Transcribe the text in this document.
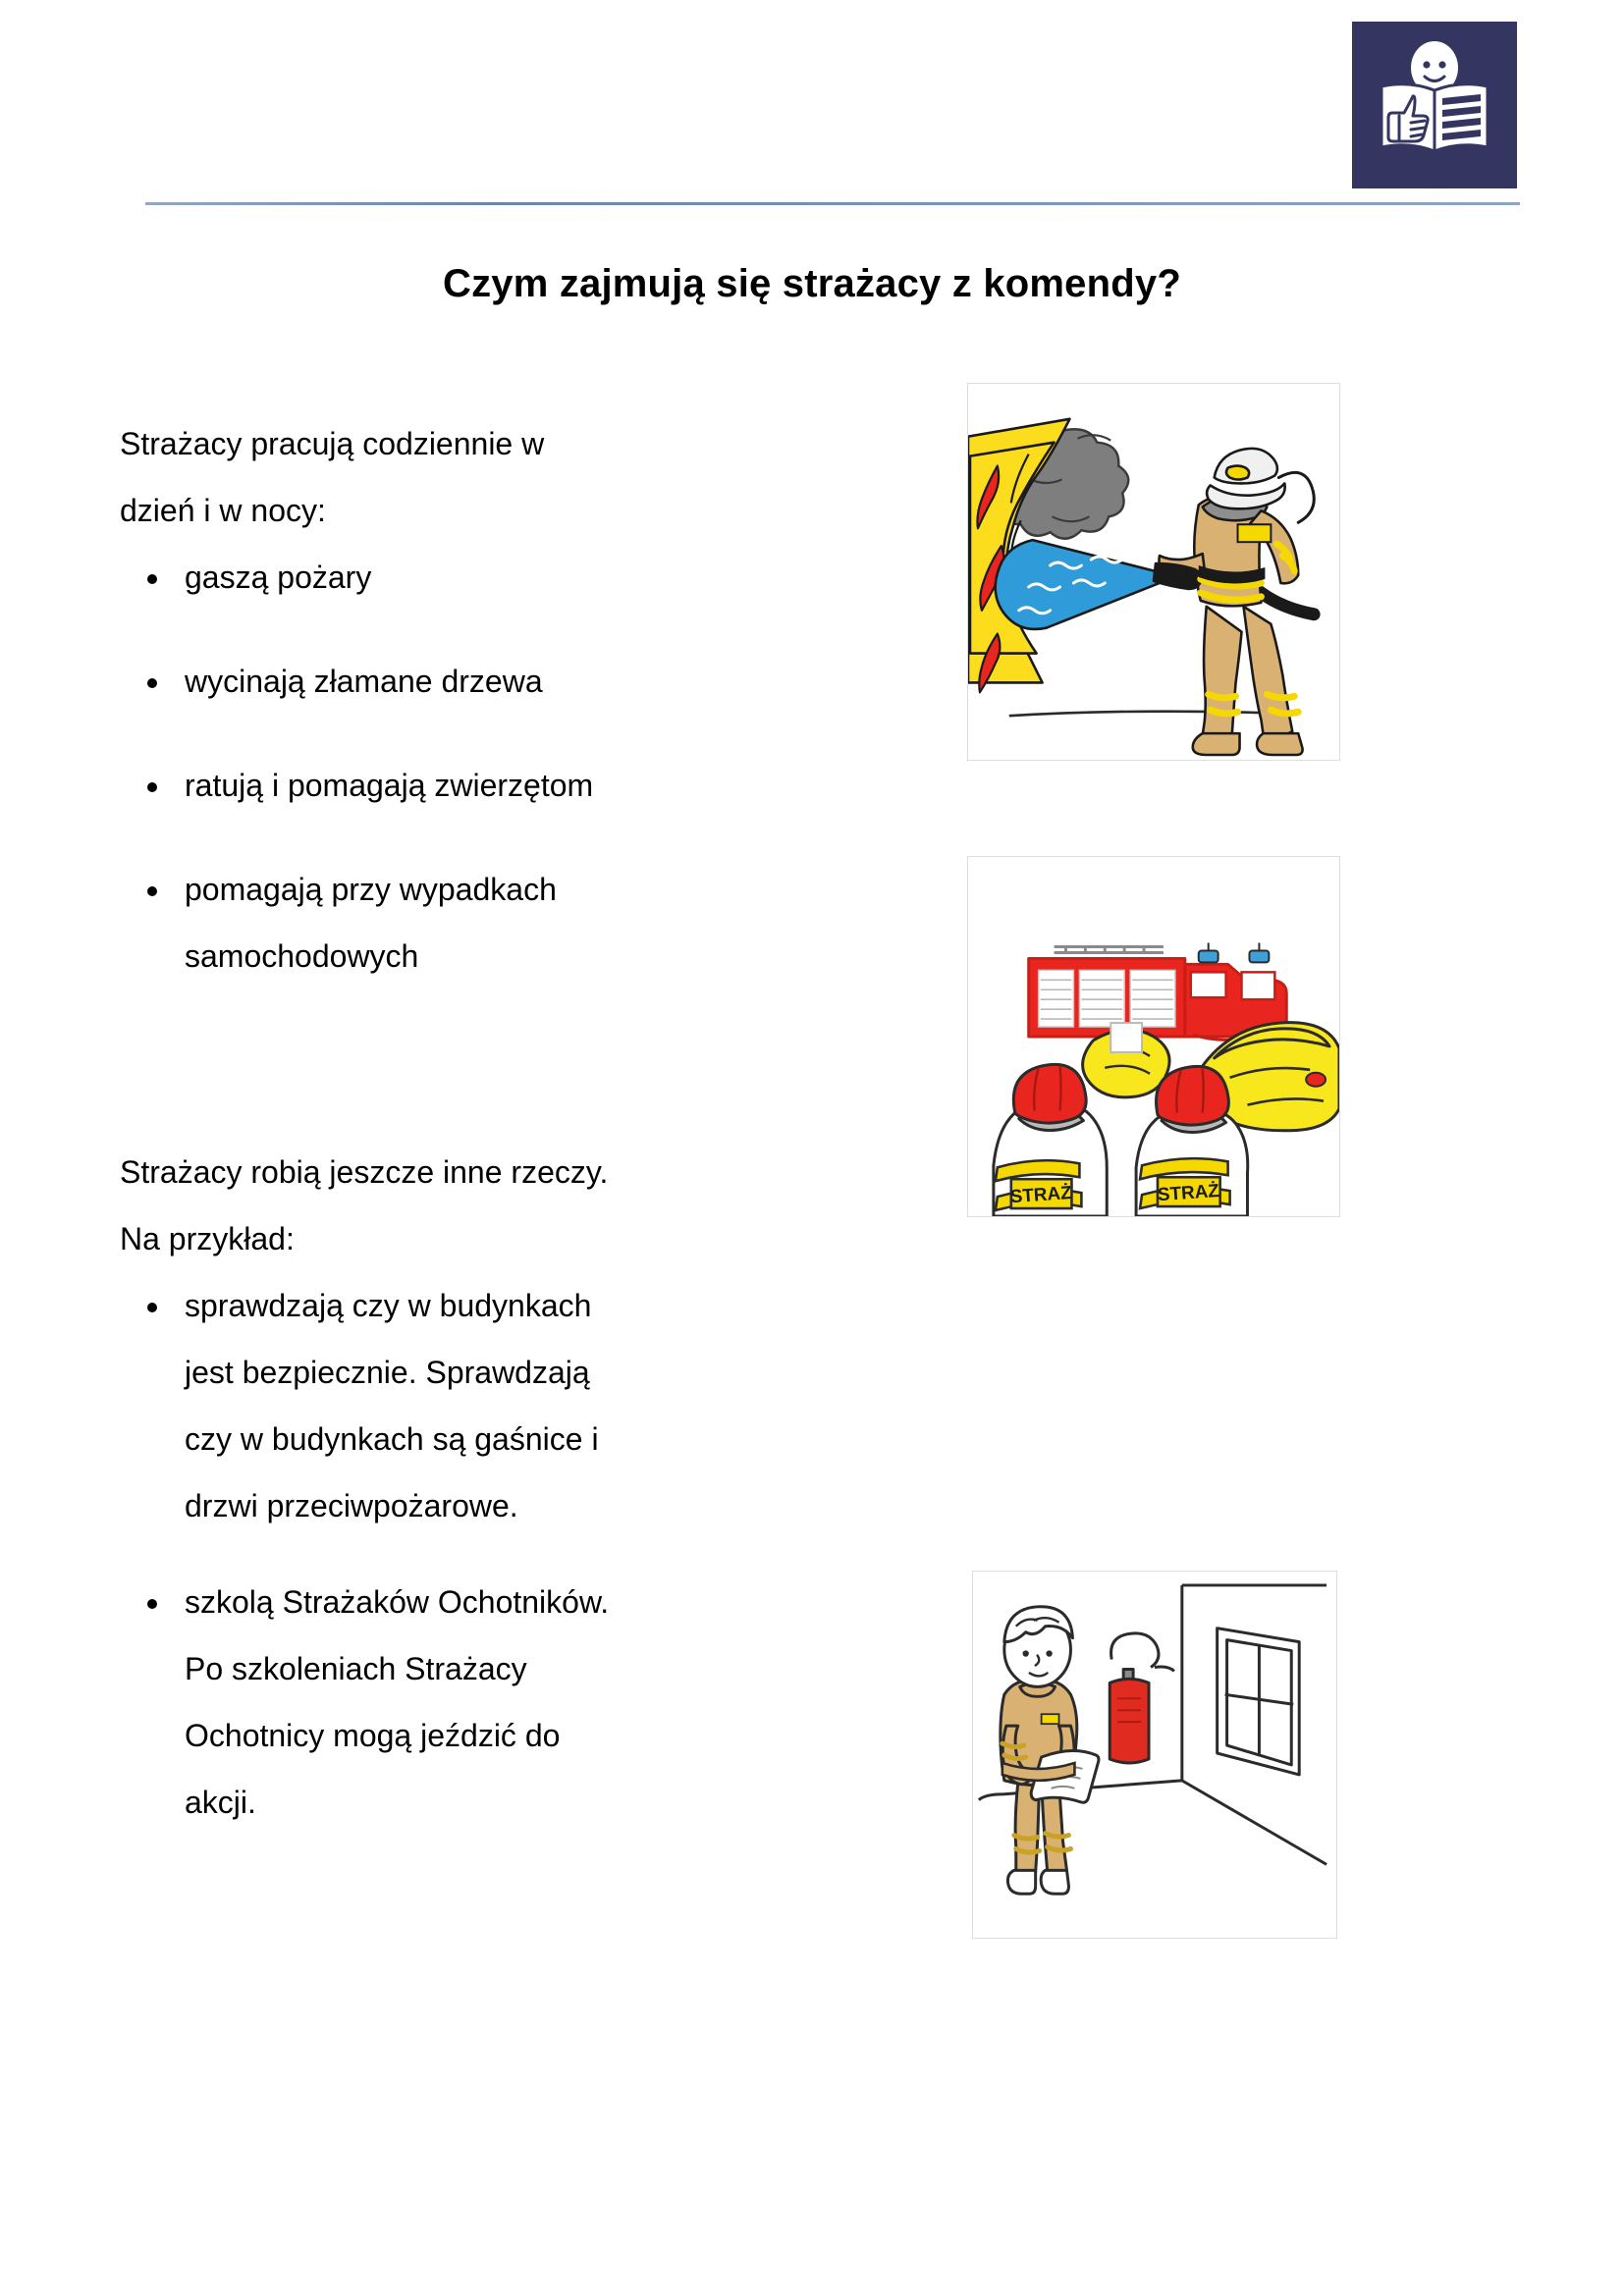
Czym zajmują się strażacy z komendy?

Strażacy pracują codziennie w

dzień i w nocy:

gaszą pożary
wycinają złamane drzewa
ratują i pomagają zwierzętom
pomagają przy wypadkach
samochodowych

Strażacy robią jeszcze inne rzeczy.

Na przykład:

sprawdzają czy w budynkach
jest bezpiecznie. Sprawdzają
czy w budynkach są gaśnice i
drzwi przeciwpożarowe.
szkolą Strażaków Ochotników.
Po szkoleniach Strażacy
Ochotnicy mogą jeździć do
akcji.
STRAŻ	STRAŻ
